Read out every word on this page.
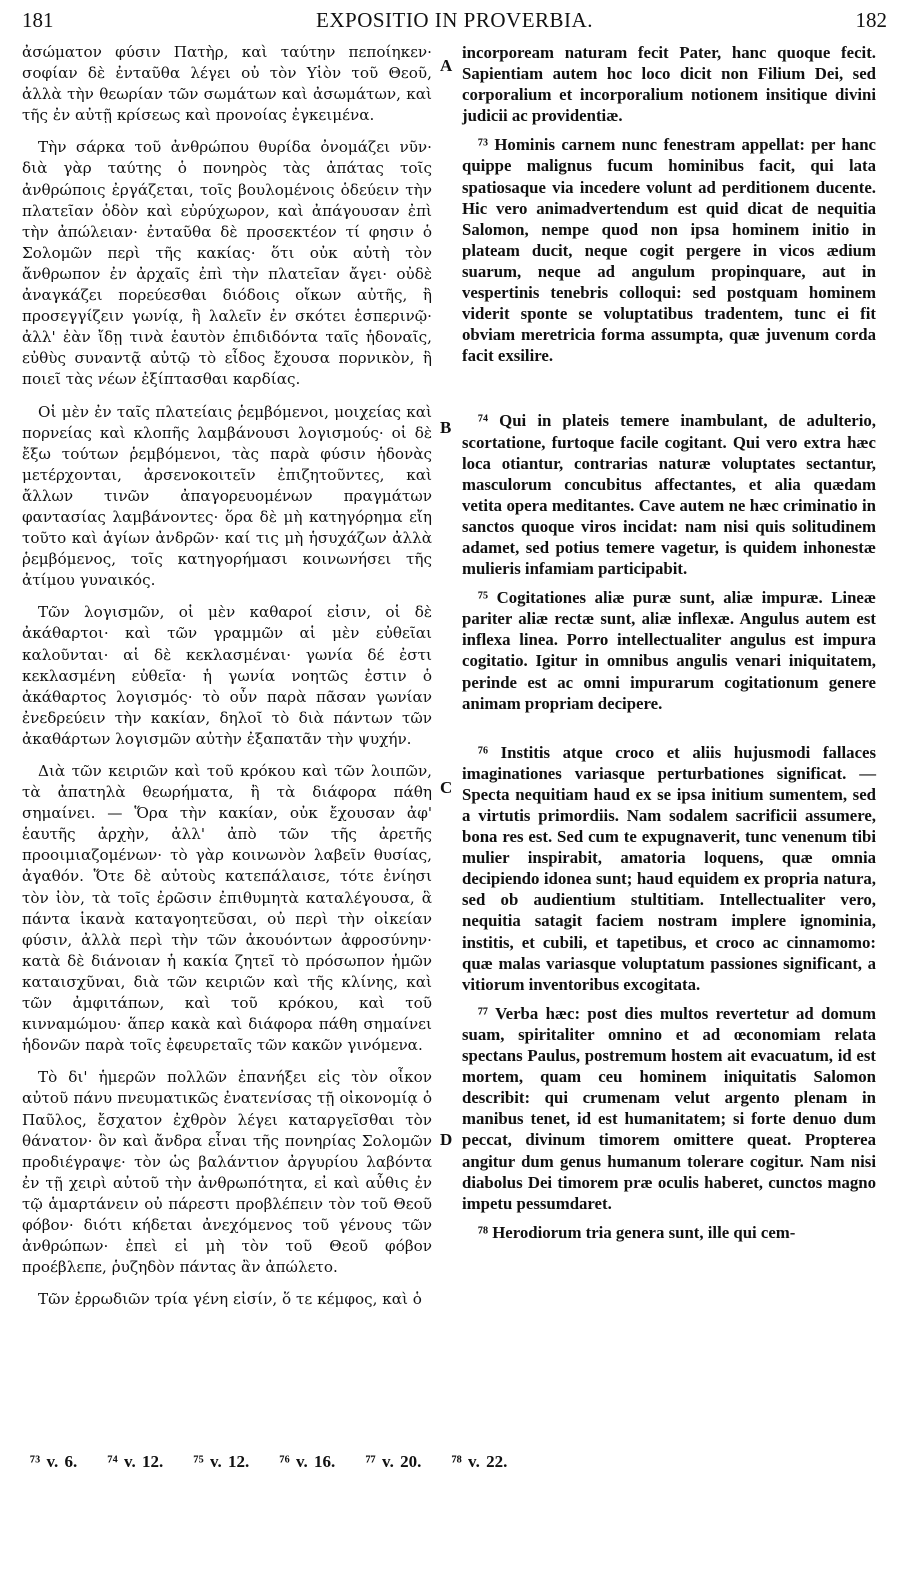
181	EXPOSITIO IN PROVERBIA.	182

ἀσώματον φύσιν Πατὴρ, καὶ ταύτην πεποίηκεν· σοφίαν δὲ ἐνταῦθα λέγει οὐ τὸν Υἱὸν τοῦ Θεοῦ, ἀλλὰ τὴν θεωρίαν τῶν σωμάτων καὶ ἀσωμάτων, καὶ τῆς ἐν αὐτῇ κρίσεως καὶ προνοίας ἐγκειμένα.

Τὴν σάρκα τοῦ ἀνθρώπου θυρίδα ὀνομάζει νῦν· διὰ γὰρ ταύτης ὁ πονηρὸς τὰς ἀπάτας τοῖς ἀνθρώποις ἐργάζεται, τοῖς βουλομένοις ὁδεύειν τὴν πλατεῖαν ὁδὸν καὶ εὐρύχωρον, καὶ ἀπάγουσαν ἐπὶ τὴν ἀπώλειαν· ἐνταῦθα δὲ προσεκτέον τί φησιν ὁ Σολομῶν περὶ τῆς κακίας· ὅτι οὐκ αὐτὴ τὸν ἄνθρωπον ἐν ἀρχαῖς ἐπὶ τὴν πλατεῖαν ἄγει· οὐδὲ ἀναγκάζει πορεύεσθαι διόδοις οἴκων αὐτῆς, ἢ προσεγγίζειν γωνίᾳ, ἢ λαλεῖν ἐν σκότει ἑσπερινῷ· ἀλλ' ἐὰν ἴδῃ τινὰ ἑαυτὸν ἐπιδιδόντα ταῖς ἡδοναῖς, εὐθὺς συναντᾷ αὐτῷ τὸ εἶδος ἔχουσα πορνικὸν, ἣ ποιεῖ τὰς νέων ἐξίπτασθαι καρδίας.

Οἱ μὲν ἐν ταῖς πλατείαις ῥεμβόμενοι, μοιχείας καὶ πορνείας καὶ κλοπῆς λαμβάνουσι λογισμούς· οἱ δὲ ἔξω τούτων ῥεμβόμενοι, τὰς παρὰ φύσιν ἡδονὰς μετέρχονται, ἀρσενοκοιτεῖν ἐπιζητοῦντες, καὶ ἄλλων τινῶν ἀπαγορευομένων πραγμάτων φαντασίας λαμβάνοντες· ὅρα δὲ μὴ κατηγόρημα εἴη τοῦτο καὶ ἁγίων ἀνδρῶν· καί τις μὴ ἡσυχάζων ἀλλὰ ῥεμβόμενος, τοῖς κατηγορήμασι κοινωνήσει τῆς ἀτίμου γυναικός.

Τῶν λογισμῶν, οἱ μὲν καθαροί εἰσιν, οἱ δὲ ἀκάθαρτοι· καὶ τῶν γραμμῶν αἱ μὲν εὐθεῖαι καλοῦνται· αἱ δὲ κεκλασμέναι· γωνία δέ ἐστι κεκλασμένη εὐθεῖα· ἡ γωνία νοητῶς ἐστιν ὁ ἀκάθαρτος λογισμός· τὸ οὖν παρὰ πᾶσαν γωνίαν ἐνεδρεύειν τὴν κακίαν, δηλοῖ τὸ διὰ πάντων τῶν ἀκαθάρτων λογισμῶν αὐτὴν ἐξαπατᾶν τὴν ψυχήν.

Διὰ τῶν κειριῶν καὶ τοῦ κρόκου καὶ τῶν λοιπῶν, τὰ ἀπατηλὰ θεωρήματα, ἢ τὰ διάφορα πάθη σημαίνει. — Ὅρα τὴν κακίαν, οὐκ ἔχουσαν ἀφ' ἑαυτῆς ἀρχὴν, ἀλλ' ἀπὸ τῶν τῆς ἀρετῆς προοιμιαζομένων· τὸ γὰρ κοινωνὸν λαβεῖν θυσίας, ἀγαθόν. Ὅτε δὲ αὐτοὺς κατεπάλαισε, τότε ἐνίησι τὸν ἰὸν, τὰ τοῖς ἐρῶσιν ἐπιθυμητὰ καταλέγουσα, ἃ πάντα ἱκανὰ καταγοητεῦσαι, οὐ περὶ τὴν οἰκείαν φύσιν, ἀλλὰ περὶ τὴν τῶν ἀκουόντων ἀφροσύνην· κατὰ δὲ διάνοιαν ἡ κακία ζητεῖ τὸ πρόσωπον ἡμῶν καταισχῦναι, διὰ τῶν κειριῶν καὶ τῆς κλίνης, καὶ τῶν ἀμφιτάπων, καὶ τοῦ κρόκου, καὶ τοῦ κινναμώμου· ἅπερ κακὰ καὶ διάφορα πάθη σημαίνει ἡδονῶν παρὰ τοῖς ἐφευρεταῖς τῶν κακῶν γινόμενα.

Τὸ δι' ἡμερῶν πολλῶν ἐπανήξει εἰς τὸν οἶκον αὐτοῦ πάνυ πνευματικῶς ἐνατενίσας τῇ οἰκονομίᾳ ὁ Παῦλος, ἔσχατον ἐχθρὸν λέγει καταργεῖσθαι τὸν θάνατον· ὃν καὶ ἄνδρα εἶναι τῆς πονηρίας Σολομῶν προδιέγραψε· τὸν ὡς βαλάντιον ἀργυρίου λαβόντα ἐν τῇ χειρὶ αὐτοῦ τὴν ἀνθρωπότητα, εἰ καὶ αὖθις ἐν τῷ ἁμαρτάνειν οὐ πάρεστι προβλέπειν τὸν τοῦ Θεοῦ φόβον· διότι κήδεται ἀνεχόμενος τοῦ γένους τῶν ἀνθρώπων· ἐπεὶ εἰ μὴ τὸν τοῦ Θεοῦ φόβον προέβλεπε, ῥυζηδὸν πάντας ἂν ἀπώλετο.

Τῶν ἐρρωδιῶν τρία γένη εἰσίν, ὅ τε κέμφος, καὶ ὁ

A
B
C
D

incorpoream naturam fecit Pater, hanc quoque fecit. Sapientiam autem hoc loco dicit non Filium Dei, sed corporalium et incorporalium notionem insitique divini judicii ac providentiæ.

⁷³ Hominis carnem nunc fenestram appellat: per hanc quippe malignus fucum hominibus facit, qui lata spatiosaque via incedere volunt ad perditionem ducente. Hic vero animadvertendum est quid dicat de nequitia Salomon, nempe quod non ipsa hominem initio in plateam ducit, neque cogit pergere in vicos ædium suarum, neque ad angulum propinquare, aut in vespertinis tenebris colloqui: sed postquam hominem viderit sponte se voluptatibus tradentem, tunc ei fit obviam meretricia forma assumpta, quæ juvenum corda facit exsilire.

⁷⁴ Qui in plateis temere inambulant, de adulterio, scortatione, furtoque facile cogitant. Qui vero extra hæc loca otiantur, contrarias naturæ voluptates sectantur, masculorum concubitus affectantes, et alia quædam vetita opera meditantes. Cave autem ne hæc criminatio in sanctos quoque viros incidat: nam nisi quis solitudinem adamet, sed potius temere vagetur, is quidem inhonestæ mulieris infamiam participabit.

⁷⁵ Cogitationes aliæ puræ sunt, aliæ impuræ. Lineæ pariter aliæ rectæ sunt, aliæ inflexæ. Angulus autem est inflexa linea. Porro intellectualiter angulus est impura cogitatio. Igitur in omnibus angulis venari iniquitatem, perinde est ac omni impurarum cogitationum genere animam propriam decipere.

⁷⁶ Institis atque croco et aliis hujusmodi fallaces imaginationes variasque perturbationes significat. — Specta nequitiam haud ex se ipsa initium sumentem, sed a virtutis primordiis. Nam sodalem sacrificii assumere, bona res est. Sed cum te expugnaverit, tunc venenum tibi mulier inspirabit, amatoria loquens, quæ omnia decipiendo idonea sunt; haud equidem ex propria natura, sed ob audientium stultitiam. Intellectualiter vero, nequitia satagit faciem nostram implere ignominia, institis, et cubili, et tapetibus, et croco ac cinnamomo: quæ malas variasque voluptatum passiones significant, a vitiorum inventoribus excogitata.

⁷⁷ Verba hæc: post dies multos revertetur ad domum suam, spiritaliter omnino et ad œconomiam relata spectans Paulus, postremum hostem ait evacuatum, id est mortem, quam ceu hominem iniquitatis Salomon describit: qui crumenam velut argento plenam in manibus tenet, id est humanitatem; si forte denuo dum peccat, divinum timorem omittere queat. Propterea angitur dum genus humanum tolerare cogitur. Nam nisi diabolus Dei timorem præ oculis haberet, cunctos magno impetu pessumdaret.

⁷⁸ Herodiorum tria genera sunt, ille qui cem-

⁷³ v. 6. ⁷⁴ v. 12. ⁷⁵ v. 12. ⁷⁶ v. 16. ⁷⁷ v. 20. ⁷⁸ v. 22.
